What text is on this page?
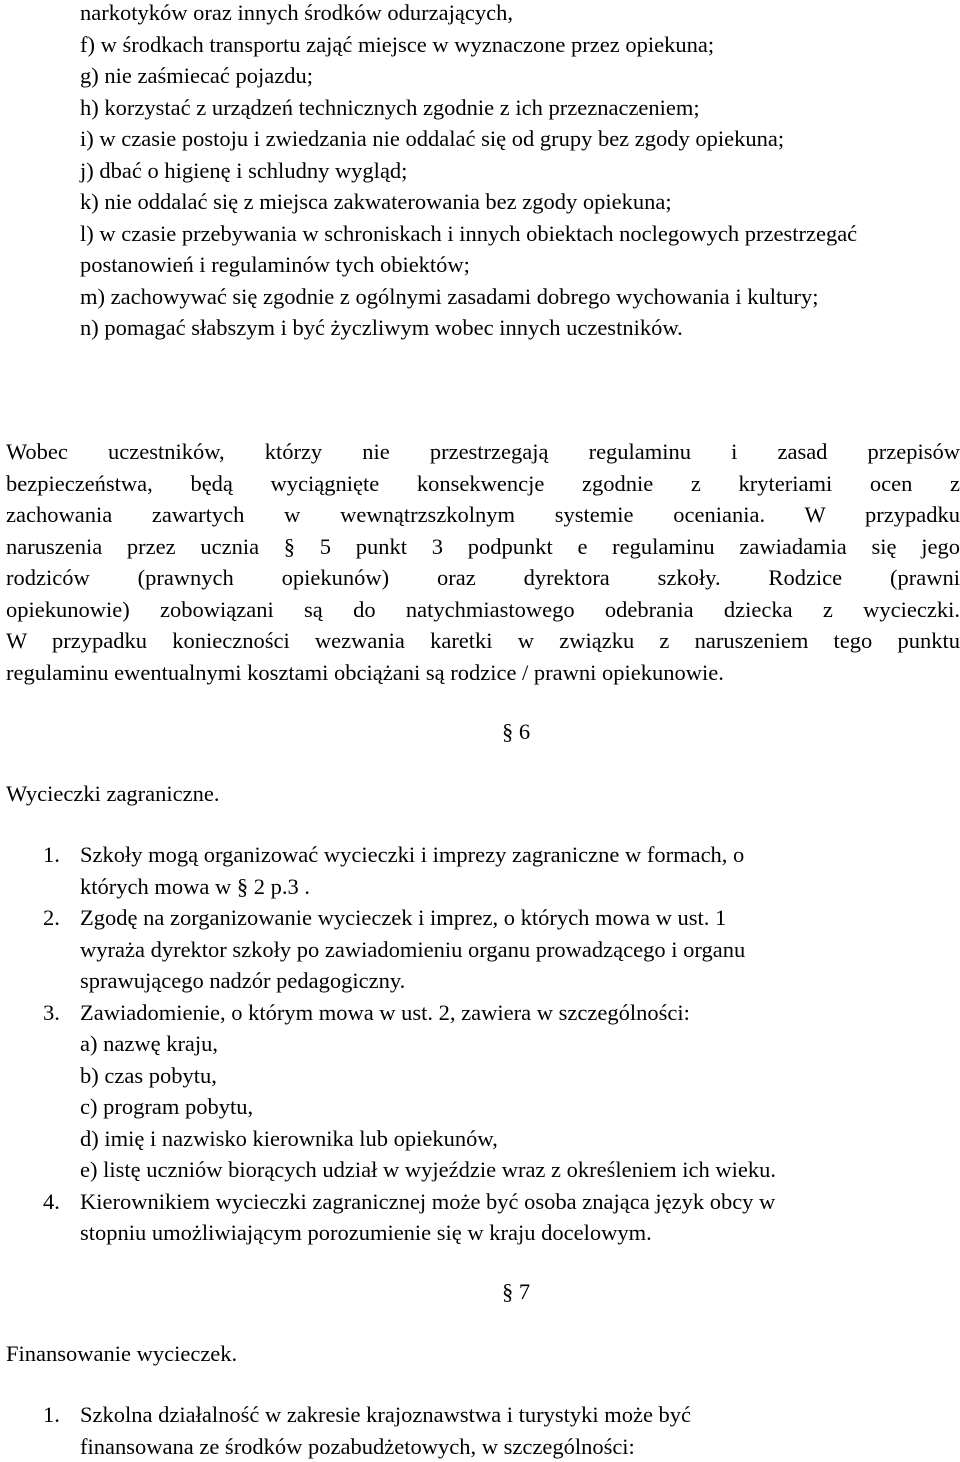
narkotyków oraz innych środków odurzających,
f) w środkach transportu zająć miejsce w wyznaczone przez opiekuna;
g) nie zaśmiecać pojazdu;
h) korzystać z urządzeń technicznych zgodnie z ich przeznaczeniem;
i) w czasie postoju i zwiedzania nie oddalać się od grupy bez zgody opiekuna;
j) dbać o higienę i schludny wygląd;
k) nie oddalać się z miejsca zakwaterowania bez zgody opiekuna;
l) w czasie przebywania w schroniskach i innych obiektach noclegowych przestrzegać postanowień i regulaminów tych obiektów;
m) zachowywać się zgodnie z ogólnymi zasadami dobrego wychowania i kultury;
n) pomagać słabszym i być życzliwym wobec innych uczestników.
Wobec uczestników, którzy nie przestrzegają regulaminu i zasad przepisów
bezpieczeństwa, będą wyciągnięte konsekwencje zgodnie z kryteriami ocen z
zachowania zawartych w wewnątrzszkolnym systemie oceniania. W przypadku
naruszenia przez ucznia § 5 punkt 3 podpunkt e regulaminu zawiadamia się jego
rodziców (prawnych opiekunów) oraz dyrektora szkoły. Rodzice (prawni
opiekunowie) zobowiązani są do natychmiastowego odebrania dziecka z wycieczki.
W przypadku konieczności wezwania karetki w związku z naruszeniem tego punktu
regulaminu ewentualnymi kosztami obciążani są rodzice / prawni opiekunowie.
§ 6
Wycieczki zagraniczne.
1. Szkoły mogą organizować wycieczki i imprezy zagraniczne w formach, o
których mowa w § 2 p.3 .
2. Zgodę na zorganizowanie wycieczek i imprez, o których mowa w ust. 1
wyraża dyrektor szkoły po zawiadomieniu organu prowadzącego i organu
sprawującego nadzór pedagogiczny.
3. Zawiadomienie, o którym mowa w ust. 2, zawiera w szczególności:
a) nazwę kraju,
b) czas pobytu,
c) program pobytu,
d) imię i nazwisko kierownika lub opiekunów,
e) listę uczniów biorących udział w wyjeździe wraz z określeniem ich wieku.
4. Kierownikiem wycieczki zagranicznej może być osoba znająca język obcy w
stopniu umożliwiającym porozumienie się w kraju docelowym.
§ 7
Finansowanie wycieczek.
1. Szkolna działalność w zakresie krajoznawstwa i turystyki może być
finansowana ze środków pozabudżetowych, w szczególności:
